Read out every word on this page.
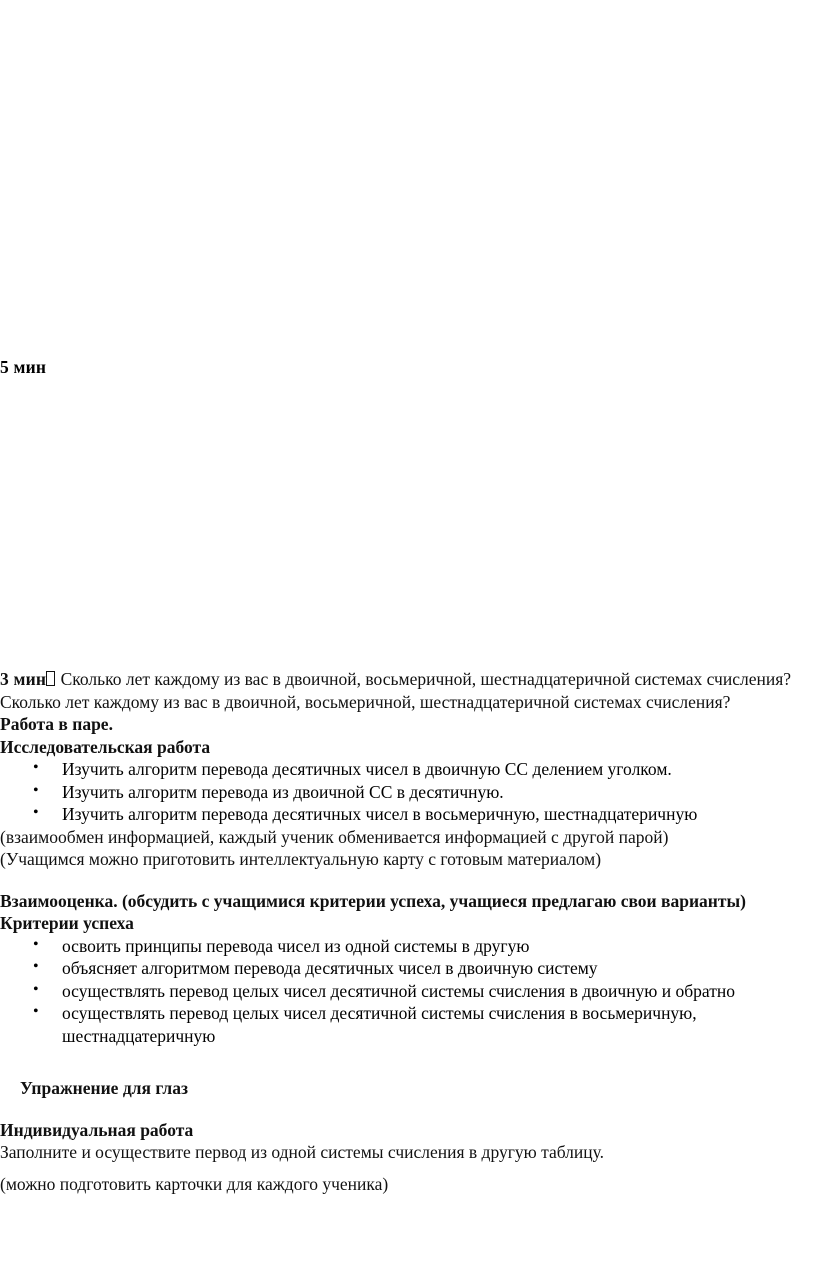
5 мин
3 мин Сколько лет каждому из вас в двоичной, восьмеричной, шестнадцатеричной системах счисления?
Сколько лет каждому из вас в двоичной, восьмеричной, шестнадцатеричной системах счисления?
Работа в паре.
Исследовательская работа
• Изучить алгоритм перевода десятичных чисел в двоичную СС делением уголком.
• Изучить алгоритм перевода из двоичной СС в десятичную.
• Изучить алгоритм перевода десятичных чисел в восьмеричную, шестнадцатеричную
(взаимообмен информацией, каждый ученик обменивается информацией с другой парой)
(Учащимся можно приготовить интеллектуальную карту с готовым материалом)
Взаимооценка. (обсудить с учащимися критерии успеха, учащиеся предлагаю свои варианты)
Критерии успеха
• освоить принципы перевода чисел из одной системы в другую
• объясняет алгоритмом перевода десятичных чисел в двоичную систему
• осуществлять перевод целых чисел десятичной системы счисления в двоичную и обратно
• осуществлять перевод целых чисел десятичной системы счисления в восьмеричную, шестнадцатеричную
Упражнение для глаз
Индивидуальная работа
Заполните и осуществите первод из одной системы счисления в другую таблицу.
(можно подготовить карточки для каждого ученика)
